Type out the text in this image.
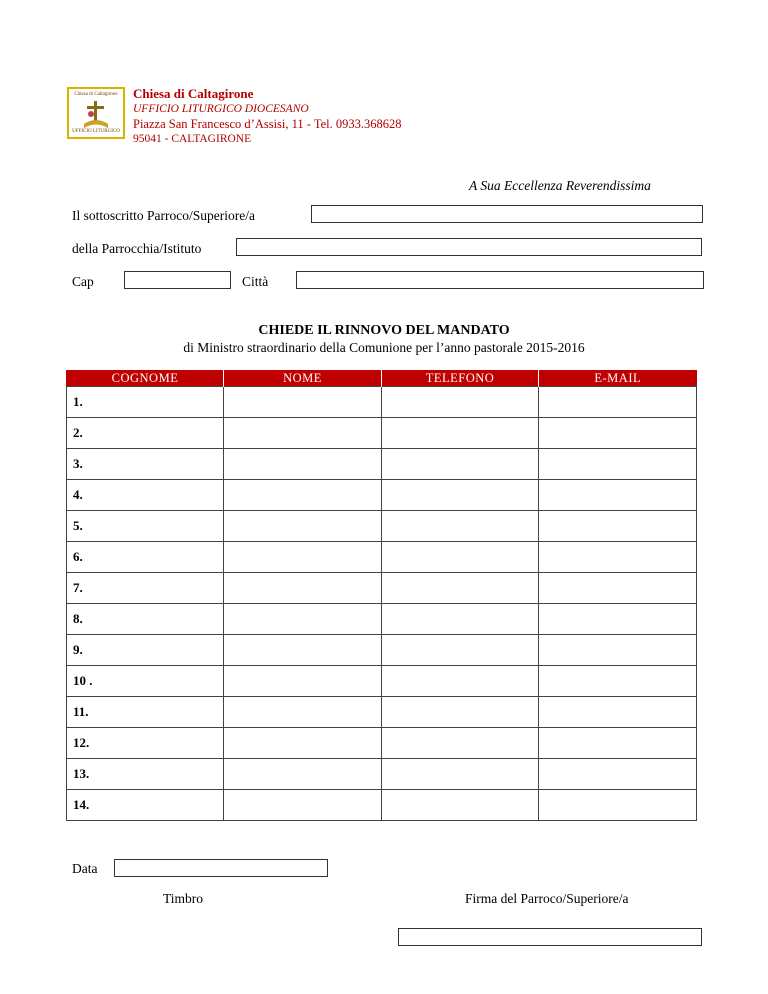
Chiesa di Caltagirone
UFFICIO LITURGICO
Chiesa di Caltagirone
UFFICIO LITURGICO DIOCESANO
Piazza San Francesco d’Assisi, 11 - Tel. 0933.368628
95041 - CALTAGIRONE
A Sua Eccellenza Reverendissima
Il sottoscritto Parroco/Superiore/a
della Parrocchia/Istituto
Cap	Città
CHIEDE IL RINNOVO DEL MANDATO
di Ministro straordinario della Comunione per l’anno pastorale 2015-2016
COGNOME	NOME	TELEFONO	E-MAIL
1.			
2.			
3.			
4.			
5.			
6.			
7.			
8.			
9.			
10 .			
11.			
12.			
13.			
14.			
Data
Timbro	Firma del Parroco/Superiore/a
